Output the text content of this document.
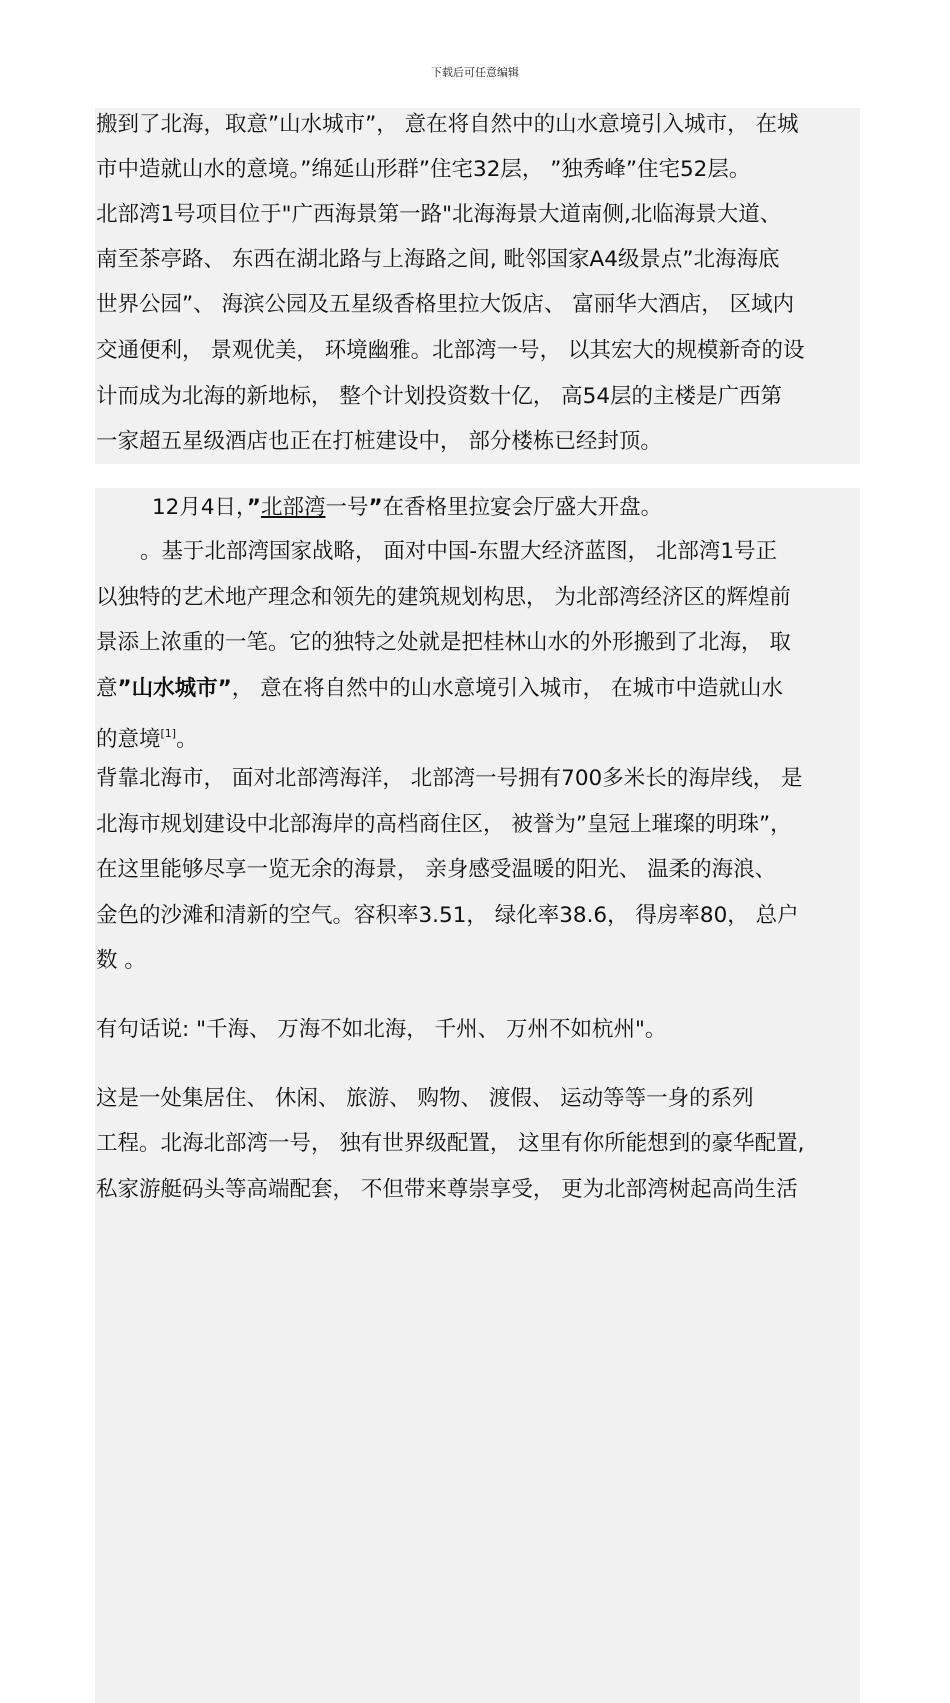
下载后可任意编辑
搬到了北海，取意”山水城市”， 意在将自然中的山水意境引入城市， 在城
市中造就山水的意境。”绵延山形群”住宅32层， ”独秀峰”住宅52层。
北部湾1号项目位于"广西海景第一路"北海海景大道南侧,北临海景大道、
南至茶亭路、 东西在湖北路与上海路之间, 毗邻国家A4级景点”北海海底
世界公园”、 海滨公园及五星级香格里拉大饭店、 富丽华大酒店， 区域内
交通便利， 景观优美， 环境幽雅。北部湾一号， 以其宏大的规模新奇的设
计而成为北海的新地标， 整个计划投资数十亿， 高54层的主楼是广西第
一家超五星级酒店也正在打桩建设中， 部分楼栋已经封顶。
12月4日，”北部湾一号”在香格里拉宴会厅盛大开盘。
。基于北部湾国家战略， 面对中国-东盟大经济蓝图， 北部湾1号正
以独特的艺术地产理念和领先的建筑规划构思， 为北部湾经济区的辉煌前
景添上浓重的一笔。它的独特之处就是把桂林山水的外形搬到了北海， 取
意”山水城市”， 意在将自然中的山水意境引入城市， 在城市中造就山水
的意境[1]。
背靠北海市， 面对北部湾海洋， 北部湾一号拥有700多米长的海岸线， 是
北海市规划建设中北部海岸的高档商住区， 被誉为”皇冠上璀璨的明珠”，
在这里能够尽享一览无余的海景， 亲身感受温暖的阳光、 温柔的海浪、
金色的沙滩和清新的空气。容积率3.51， 绿化率38.6， 得房率80， 总户
数 。
有句话说: "千海、 万海不如北海， 千州、 万州不如杭州"。
这是一处集居住、 休闲、 旅游、 购物、 渡假、 运动等等一身的系列
工程。北海北部湾一号， 独有世界级配置， 这里有你所能想到的豪华配置,
私家游艇码头等高端配套， 不但带来尊崇享受， 更为北部湾树起高尚生活
